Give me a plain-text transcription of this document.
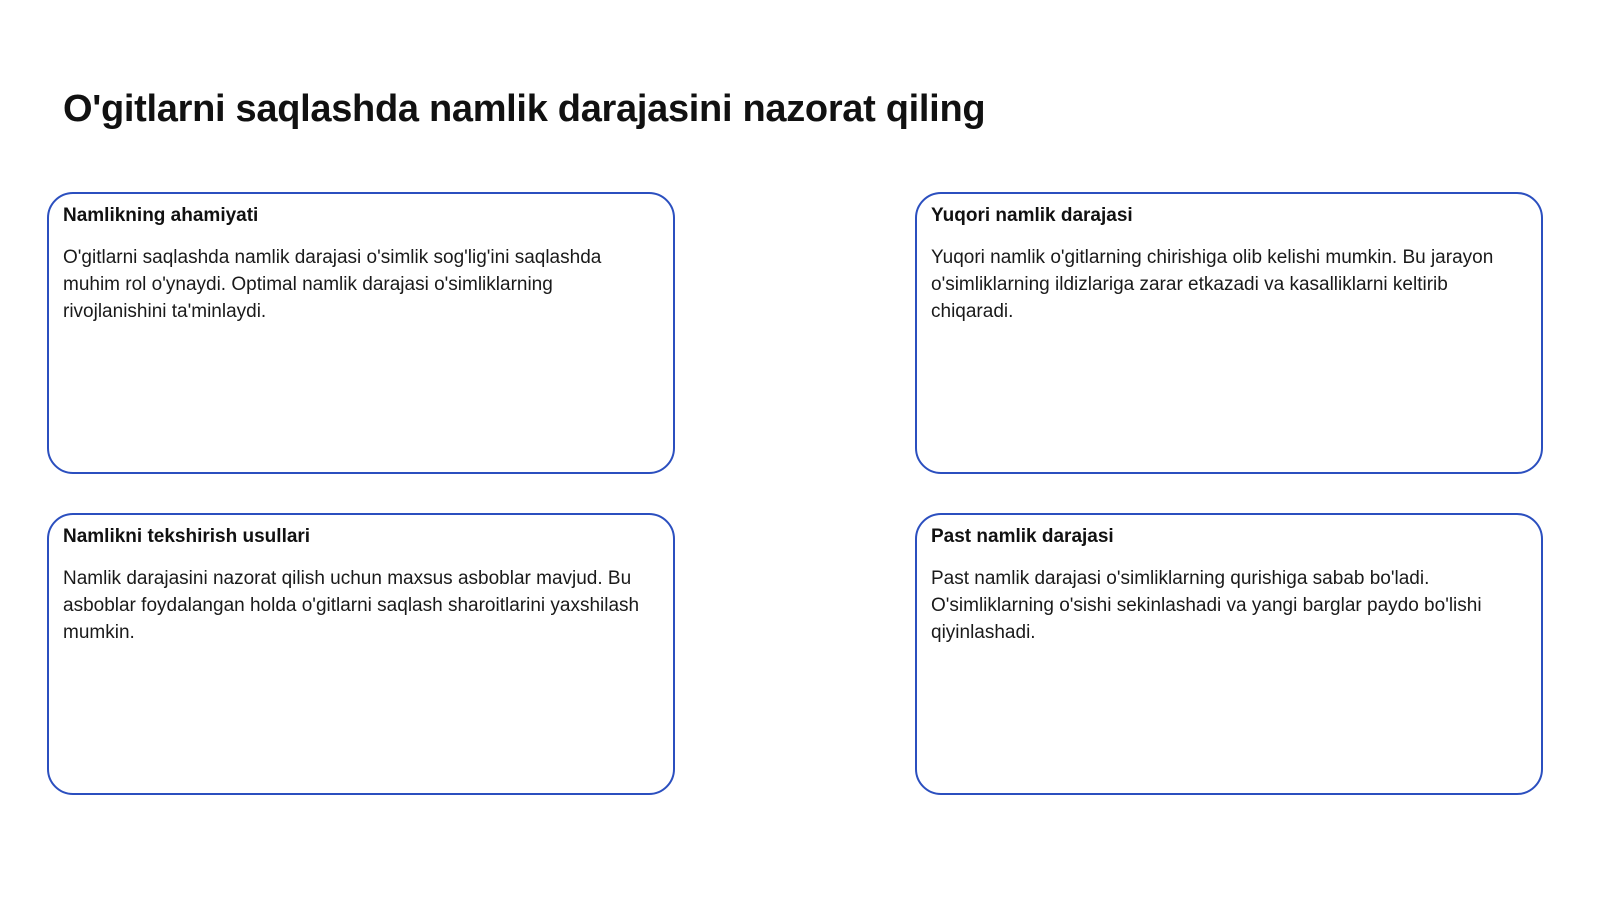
O'gitlarni saqlashda namlik darajasini nazorat qiling
Namlikning ahamiyati

O'gitlarni saqlashda namlik darajasi o'simlik sog'lig'ini saqlashda muhim rol o'ynaydi. Optimal namlik darajasi o'simliklarning rivojlanishini ta'minlaydi.

Yuqori namlik darajasi

Yuqori namlik o'gitlarning chirishiga olib kelishi mumkin. Bu jarayon o'simliklarning ildizlariga zarar etkazadi va kasalliklarni keltirib chiqaradi.

Namlikni tekshirish usullari

Namlik darajasini nazorat qilish uchun maxsus asboblar mavjud. Bu asboblar foydalangan holda o'gitlarni saqlash sharoitlarini yaxshilash mumkin.

Past namlik darajasi

Past namlik darajasi o'simliklarning qurishiga sabab bo'ladi. O'simliklarning o'sishi sekinlashadi va yangi barglar paydo bo'lishi qiyinlashadi.
